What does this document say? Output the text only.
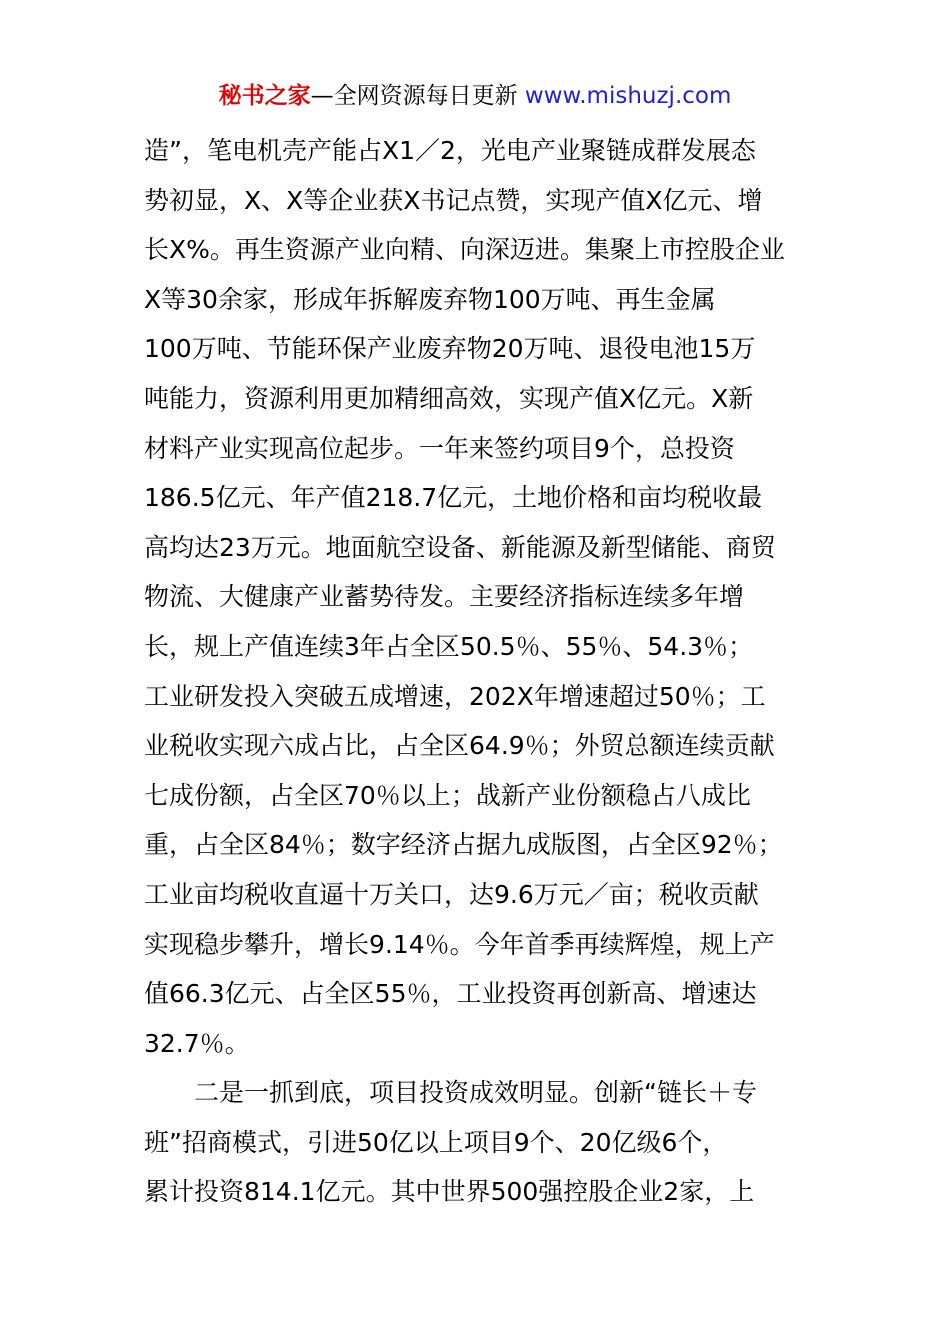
秘书之家—全网资源每日更新 www.mishuzj.com
造”，笔电机壳产能占X1／2，光电产业聚链成群发展态
势初显，X、X等企业获X书记点赞，实现产值X亿元、增
长X%。再生资源产业向精、向深迈进。集聚上市控股企业
X等30余家，形成年拆解废弃物100万吨、再生金属
100万吨、节能环保产业废弃物20万吨、退役电池15万
吨能力，资源利用更加精细高效，实现产值X亿元。X新
材料产业实现高位起步。一年来签约项目9个，总投资
186.5亿元、年产值218.7亿元，土地价格和亩均税收最
高均达23万元。地面航空设备、新能源及新型储能、商贸
物流、大健康产业蓄势待发。主要经济指标连续多年增
长，规上产值连续3年占全区50.5％、55％、54.3％；
工业研发投入突破五成增速，202X年增速超过50％；工
业税收实现六成占比，占全区64.9％；外贸总额连续贡献
七成份额，占全区70％以上；战新产业份额稳占八成比
重，占全区84％；数字经济占据九成版图，占全区92％；
工业亩均税收直逼十万关口，达9.6万元／亩；税收贡献
实现稳步攀升，增长9.14％。今年首季再续辉煌，规上产
值66.3亿元、占全区55％，工业投资再创新高、增速达
32.7％。
二是一抓到底，项目投资成效明显。创新“链长＋专
班”招商模式，引进50亿以上项目9个、20亿级6个，
累计投资814.1亿元。其中世界500强控股企业2家，上
